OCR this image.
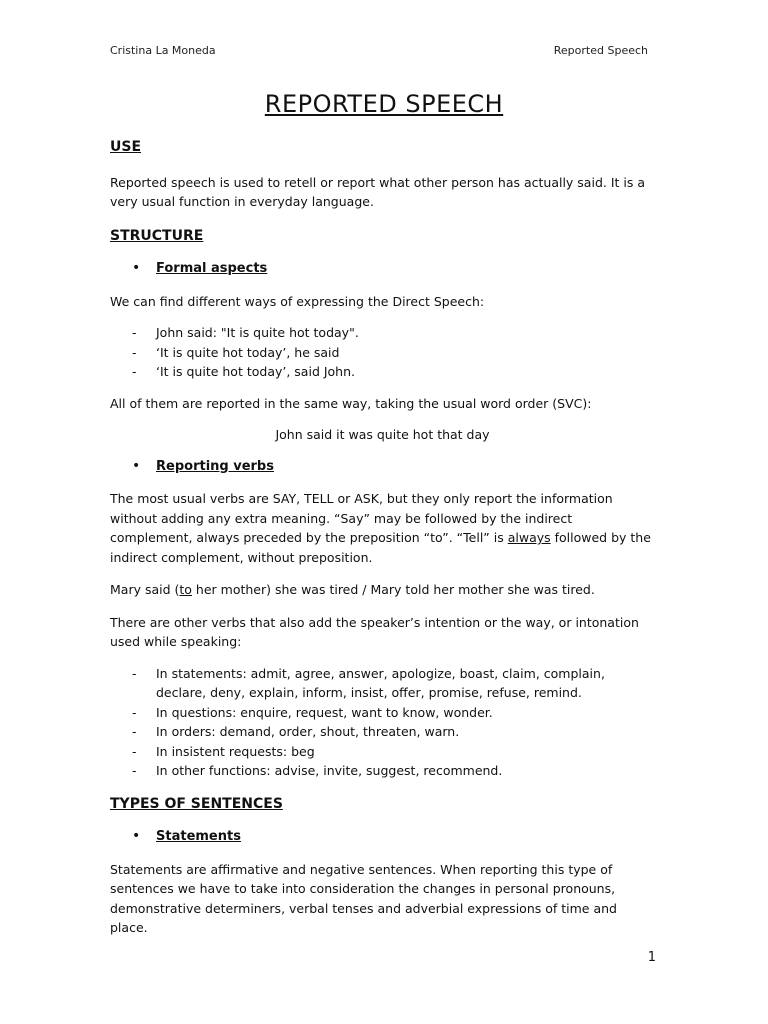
Cristina La Moneda	Reported Speech
REPORTED SPEECH

USE

Reported speech is used to retell or report what other person has actually said. It is a very usual function in everyday language.

STRUCTURE

•	Formal aspects

We can find different ways of expressing the Direct Speech:

-	John said: "It is quite hot today".
-	‘It is quite hot today’, he said
-	‘It is quite hot today’, said John.

All of them are reported in the same way, taking the usual word order (SVC):

John said it was quite hot that day

•	Reporting verbs

The most usual verbs are SAY, TELL or ASK, but they only report the information without adding any extra meaning. “Say” may be followed by the indirect complement, always preceded by the preposition “to”. “Tell” is always followed by the indirect complement, without preposition.

Mary said (to her mother) she was tired / Mary told her mother she was tired.

There are other verbs that also add the speaker’s intention or the way, or intonation used while speaking:

-	In statements: admit, agree, answer, apologize, boast, claim, complain, declare, deny, explain, inform, insist, offer, promise, refuse, remind.
-	In questions: enquire, request, want to know, wonder.
-	In orders: demand, order, shout, threaten, warn.
-	In insistent requests: beg
-	In other functions: advise, invite, suggest, recommend.

TYPES OF SENTENCES

•	Statements

Statements are affirmative and negative sentences. When reporting this type of sentences we have to take into consideration the changes in personal pronouns, demonstrative determiners, verbal tenses and adverbial expressions of time and place.

1
